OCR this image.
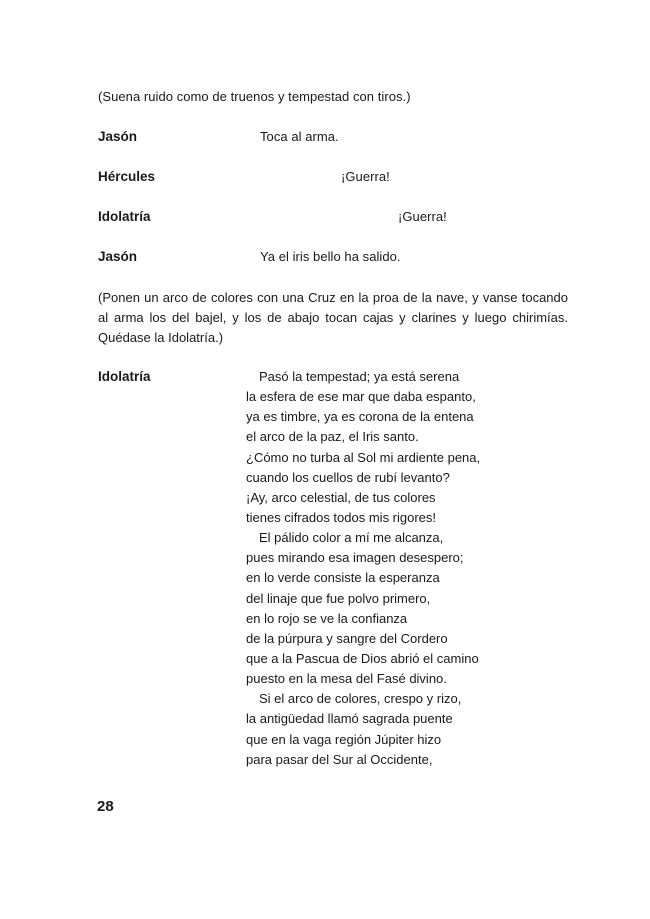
(Suena ruido como de truenos y tempestad con tiros.)
Jasón	Toca al arma.
Hércules	¡Guerra!
Idolatría	¡Guerra!
Jasón	Ya el iris bello ha salido.
(Ponen un arco de colores con una Cruz en la proa de la nave, y vanse tocando al arma los del bajel, y los de abajo tocan cajas y clarines y luego chirimías. Quédase la Idolatría.)
Idolatría	Pasó la tempestad; ya está serena
la esfera de ese mar que daba espanto,
ya es timbre, ya es corona de la entena
el arco de la paz, el Iris santo.
¿Cómo no turba al Sol mi ardiente pena,
cuando los cuellos de rubí levanto?
¡Ay, arco celestial, de tus colores
tienes cifrados todos mis rigores!
El pálido color a mí me alcanza,
pues mirando esa imagen desespero;
en lo verde consiste la esperanza
del linaje que fue polvo primero,
en lo rojo se ve la confianza
de la púrpura y sangre del Cordero
que a la Pascua de Dios abrió el camino
puesto en la mesa del Fasé divino.
Si el arco de colores, crespo y rizo,
la antigüedad llamó sagrada puente
que en la vaga región Júpiter hizo
para pasar del Sur al Occidente,
28
